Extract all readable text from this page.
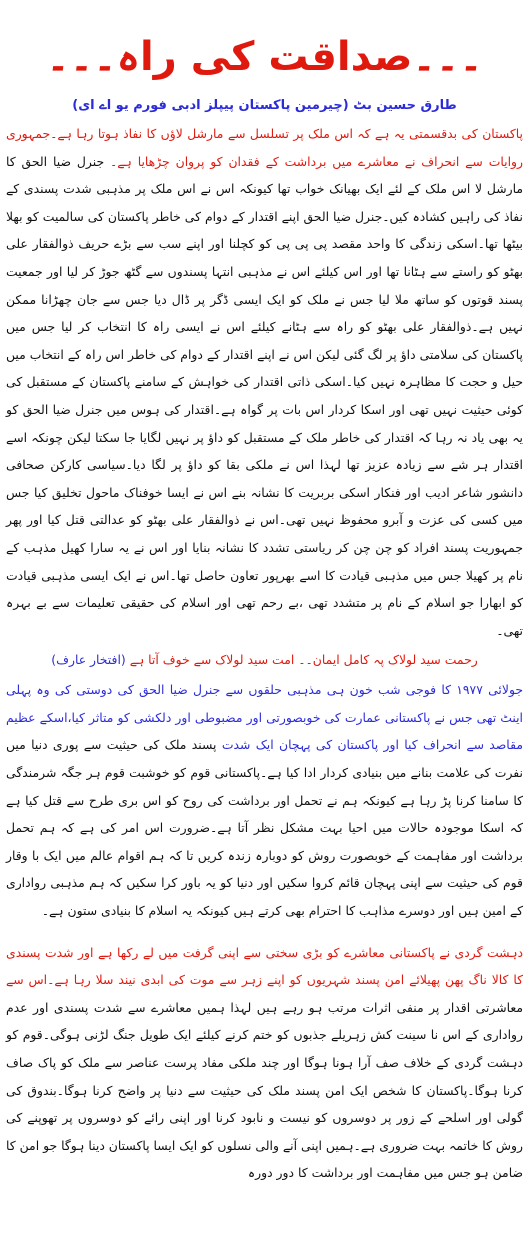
۔۔۔صداقت کی راہ۔۔۔
طارق حسین بٹ (چیرمین پاکستان پیپلز ادبی فورم یو اے ای)

پاکستان کی بدقسمتی یہ ہے کہ اس ملک پر تسلسل سے مارشل لاؤں کا نفاذ ہوتا رہا ہے۔جمہوری روایات سے انحراف نے معاشرے میں برداشت کے فقدان کو پروان چڑھایا ہے۔ جنرل ضیا الحق کا مارشل لا اس ملک کے لئے ایک بھیانک خواب تھا کیونکہ اس نے اس ملک پر مذہبی شدت پسندی کے نفاذ کی راہیں کشادہ کیں۔جنرل ضیا الحق اپنے اقتدار کے دوام کی خاطر پاکستان کی سالمیت کو بھلا بیٹھا تھا۔اسکی زندگی کا واحد مقصد پی پی پی کو کچلنا اور اپنے سب سے بڑے حریف ذوالفقار علی بھٹو کو راستے سے ہٹانا تھا اور اس کیلئے اس نے مذہبی انتہا پسندوں سے گٹھ جوڑ کر لیا اور جمعیت پسند قوتوں کو ساتھ ملا لیا جس نے ملک کو ایک ایسی ڈگر پر ڈال دیا جس سے جان چھڑانا ممکن نہیں ہے۔ذوالفقار علی بھٹو کو راہ سے ہٹانے کیلئے اس نے ایسی راہ کا انتخاب کر لیا جس میں پاکستان کی سلامتی داؤ پر لگ گئی لیکن اس نے اپنے اقتدار کے دوام کی خاطر اس راہ کے انتخاب میں حیل و حجت کا مظاہرہ نہیں کیا۔اسکی ذاتی اقتدار کی خواہش کے سامنے پاکستان کے مستقبل کی کوئی حیثیت نہیں تھی اور اسکا کردار اس بات پر گواہ ہے۔اقتدار کی ہوس میں جنرل ضیا الحق کو یہ بھی یاد نہ رہا کہ اقتدار کی خاطر ملک کے مستقبل کو داؤ پر نہیں لگایا جا سکتا لیکن چونکہ اسے اقتدار ہر شے سے زیادہ عزیز تھا لہذا اس نے ملکی بقا کو داؤ پر لگا دیا۔سیاسی کارکن صحافی دانشور شاعر ادیب اور فنکار اسکی بربریت کا نشانہ بنے اس نے ایسا خوفناک ماحول تخلیق کیا جس میں کسی کی عزت و آبرو محفوظ نہیں تھی۔اس نے ذوالفقار علی بھٹو کو عدالتی قتل کیا اور پھر جمہوریت پسند افراد کو چن چن کر ریاستی تشدد کا نشانہ بنایا اور اس نے یہ سارا کھیل مذہب کے نام پر کھیلا جس میں مذہبی قیادت کا اسے بھرپور تعاون حاصل تھا۔اس نے ایک ایسی مذہبی قیادت کو ابھارا جو اسلام کے نام پر متشدد تھی ،بے رحم تھی اور اسلام کی حقیقی تعلیمات سے بے بہرہ تھی۔

رحمت سید لولاک پہ کامل ایمان۔۔ امت سید لولاک سے خوف آتا ہے (افتخار عارف)

جولائی ۱۹۷۷ کا فوجی شب خون ہی مذہبی حلقوں سے جنرل ضیا الحق کی دوستی کی وہ پہلی اینٹ تھی جس نے پاکستانی عمارت کی خوبصورتی اور مضبوطی اور دلکشی کو متاثر کیا،اسکے عظیم مقاصد سے انحراف کیا اور پاکستان کی پہچان ایک شدت پسند ملک کی حیثیت سے پوری دنیا میں نفرت کی علامت بنانے میں بنیادی کردار ادا کیا ہے۔پاکستانی قوم کو خوشبت قوم ہر جگہ شرمندگی کا سامنا کرنا پڑ رہا ہے کیونکہ ہم نے تحمل اور برداشت کی روح کو اس بری طرح سے قتل کیا ہے کہ اسکا موجودہ حالات میں احیا بہت مشکل نظر آتا ہے۔ضرورت اس امر کی ہے کہ ہم تحمل برداشت اور مفاہمت کے خوبصورت روش کو دوبارہ زندہ کریں تا کہ ہم اقوام عالم میں ایک با وقار قوم کی حیثیت سے اپنی پہچان قائم کروا سکیں اور دنیا کو یہ باور کرا سکیں کہ ہم مذہبی رواداری کے امین ہیں اور دوسرے مذاہب کا احترام بھی کرتے ہیں کیونکہ یہ اسلام کا بنیادی ستون ہے۔

دہشت گردی نے پاکستانی معاشرے کو بڑی سختی سے اپنی گرفت میں لے رکھا ہے اور شدت پسندی کا کالا ناگ پھن پھیلائے امن پسند شہریوں کو اپنے زہر سے موت کی ابدی نیند سلا رہا ہے۔اس سے معاشرتی اقدار پر منفی اثرات مرتب ہو رہے ہیں لہذا ہمیں معاشرے سے شدت پسندی اور عدم رواداری کے اس نا سینت کش زہریلے جذبوں کو ختم کرنے کیلئے ایک طویل جنگ لڑنی ہوگی۔قوم کو دہشت گردی کے خلاف صف آرا ہونا ہوگا اور چند ملکی مفاد پرست عناصر سے ملک کو پاک صاف کرنا ہوگا۔پاکستان کا شخص ایک امن پسند ملک کی حیثیت سے دنیا پر واضح کرنا ہوگا۔بندوق کی گولی اور اسلحے کے زور پر دوسروں کو نیست و نابود کرنا اور اپنی رائے کو دوسروں پر تھوپنے کی روش کا خاتمہ بہت ضروری ہے۔ہمیں اپنی آنے والی نسلوں کو ایک ایسا پاکستان دینا ہوگا جو امن کا ضامن ہو جس میں مفاہمت اور برداشت کا دور دورہ
